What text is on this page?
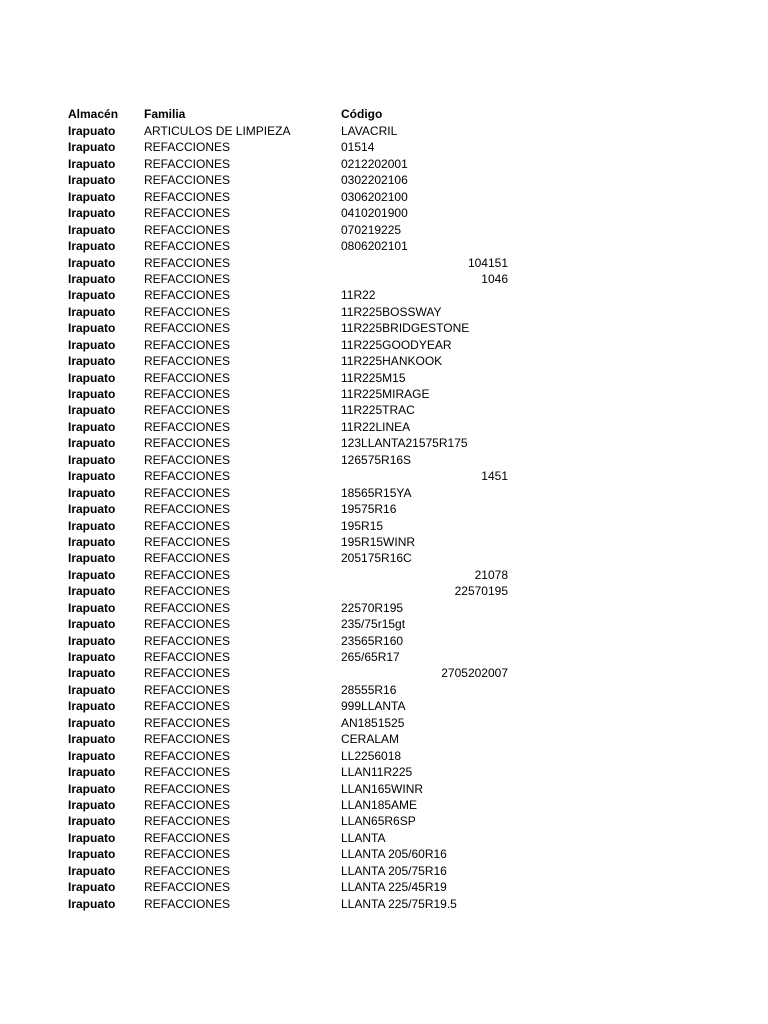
Almacén Familia	Código
Irapuato ARTICULOS DE LIMPIEZA	LAVACRIL
Irapuato REFACCIONES	01514
Irapuato REFACCIONES	0212202001
Irapuato REFACCIONES	0302202106
Irapuato REFACCIONES	0306202100
Irapuato REFACCIONES	0410201900
Irapuato REFACCIONES	070219225
Irapuato REFACCIONES	0806202101
Irapuato REFACCIONES	104151
Irapuato REFACCIONES	1046
Irapuato REFACCIONES	11R22
Irapuato REFACCIONES	11R225BOSSWAY
Irapuato REFACCIONES	11R225BRIDGESTONE
Irapuato REFACCIONES	11R225GOODYEAR
Irapuato REFACCIONES	11R225HANKOOK
Irapuato REFACCIONES	11R225M15
Irapuato REFACCIONES	11R225MIRAGE
Irapuato REFACCIONES	11R225TRAC
Irapuato REFACCIONES	11R22LINEA
Irapuato REFACCIONES	123LLANTA21575R175
Irapuato REFACCIONES	126575R16S
Irapuato REFACCIONES	1451
Irapuato REFACCIONES	18565R15YA
Irapuato REFACCIONES	19575R16
Irapuato REFACCIONES	195R15
Irapuato REFACCIONES	195R15WINR
Irapuato REFACCIONES	205175R16C
Irapuato REFACCIONES	21078
Irapuato REFACCIONES	22570195
Irapuato REFACCIONES	22570R195
Irapuato REFACCIONES	235/75r15gt
Irapuato REFACCIONES	23565R160
Irapuato REFACCIONES	265/65R17
Irapuato REFACCIONES	2705202007
Irapuato REFACCIONES	28555R16
Irapuato REFACCIONES	999LLANTA
Irapuato REFACCIONES	AN1851525
Irapuato REFACCIONES	CERALAM
Irapuato REFACCIONES	LL2256018
Irapuato REFACCIONES	LLAN11R225
Irapuato REFACCIONES	LLAN165WINR
Irapuato REFACCIONES	LLAN185AME
Irapuato REFACCIONES	LLAN65R6SP
Irapuato REFACCIONES	LLANTA
Irapuato REFACCIONES	LLANTA 205/60R16
Irapuato REFACCIONES	LLANTA 205/75R16
Irapuato REFACCIONES	LLANTA 225/45R19
Irapuato REFACCIONES	LLANTA 225/75R19.5
